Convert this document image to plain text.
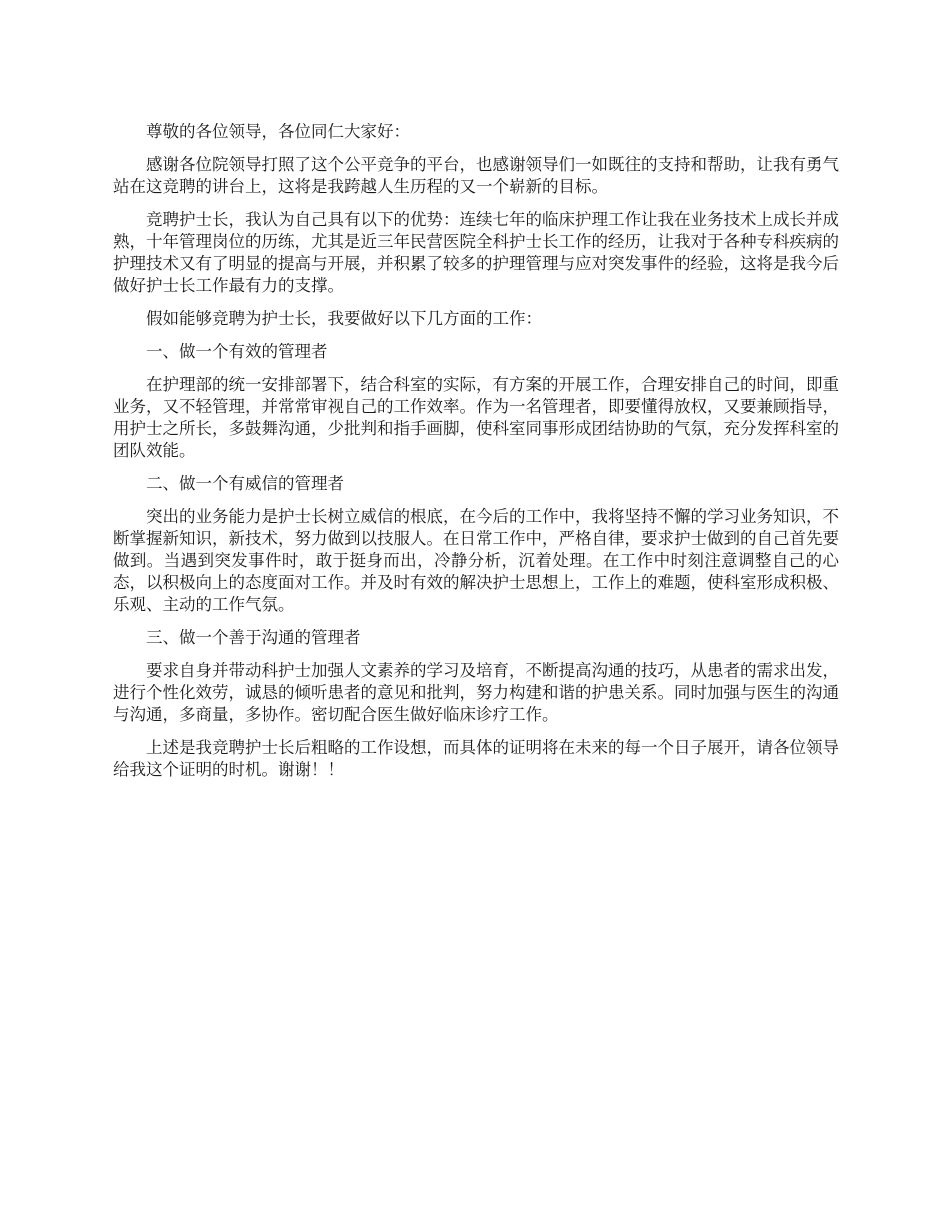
尊敬的各位领导，各位同仁大家好：

感谢各位院领导打照了这个公平竞争的平台，也感谢领导们一如既往的支持和帮助，让我有勇气站在这竞聘的讲台上，这将是我跨越人生历程的又一个崭新的目标。

竞聘护士长，我认为自己具有以下的优势：连续七年的临床护理工作让我在业务技术上成长并成熟，十年管理岗位的历练，尤其是近三年民营医院全科护士长工作的经历，让我对于各种专科疾病的护理技术又有了明显的提高与开展，并积累了较多的护理管理与应对突发事件的经验，这将是我今后做好护士长工作最有力的支撑。

假如能够竞聘为护士长，我要做好以下几方面的工作：

一、做一个有效的管理者

在护理部的统一安排部署下，结合科室的实际，有方案的开展工作，合理安排自己的时间，即重业务，又不轻管理，并常常审视自己的工作效率。作为一名管理者，即要懂得放权，又要兼顾指导，用护士之所长，多鼓舞沟通，少批判和指手画脚，使科室同事形成团结协助的气氛，充分发挥科室的团队效能。

二、做一个有威信的管理者

突出的业务能力是护士长树立威信的根底，在今后的工作中，我将坚持不懈的学习业务知识，不断掌握新知识，新技术，努力做到以技服人。在日常工作中，严格自律，要求护士做到的自己首先要做到。当遇到突发事件时，敢于挺身而出，冷静分析，沉着处理。在工作中时刻注意调整自己的心态，以积极向上的态度面对工作。并及时有效的解决护士思想上，工作上的难题，使科室形成积极、乐观、主动的工作气氛。

三、做一个善于沟通的管理者

要求自身并带动科护士加强人文素养的学习及培育，不断提高沟通的技巧，从患者的需求出发，进行个性化效劳，诚恳的倾听患者的意见和批判，努力构建和谐的护患关系。同时加强与医生的沟通与沟通，多商量，多协作。密切配合医生做好临床诊疗工作。

上述是我竞聘护士长后粗略的工作设想，而具体的证明将在未来的每一个日子展开，请各位领导给我这个证明的时机。谢谢！！
